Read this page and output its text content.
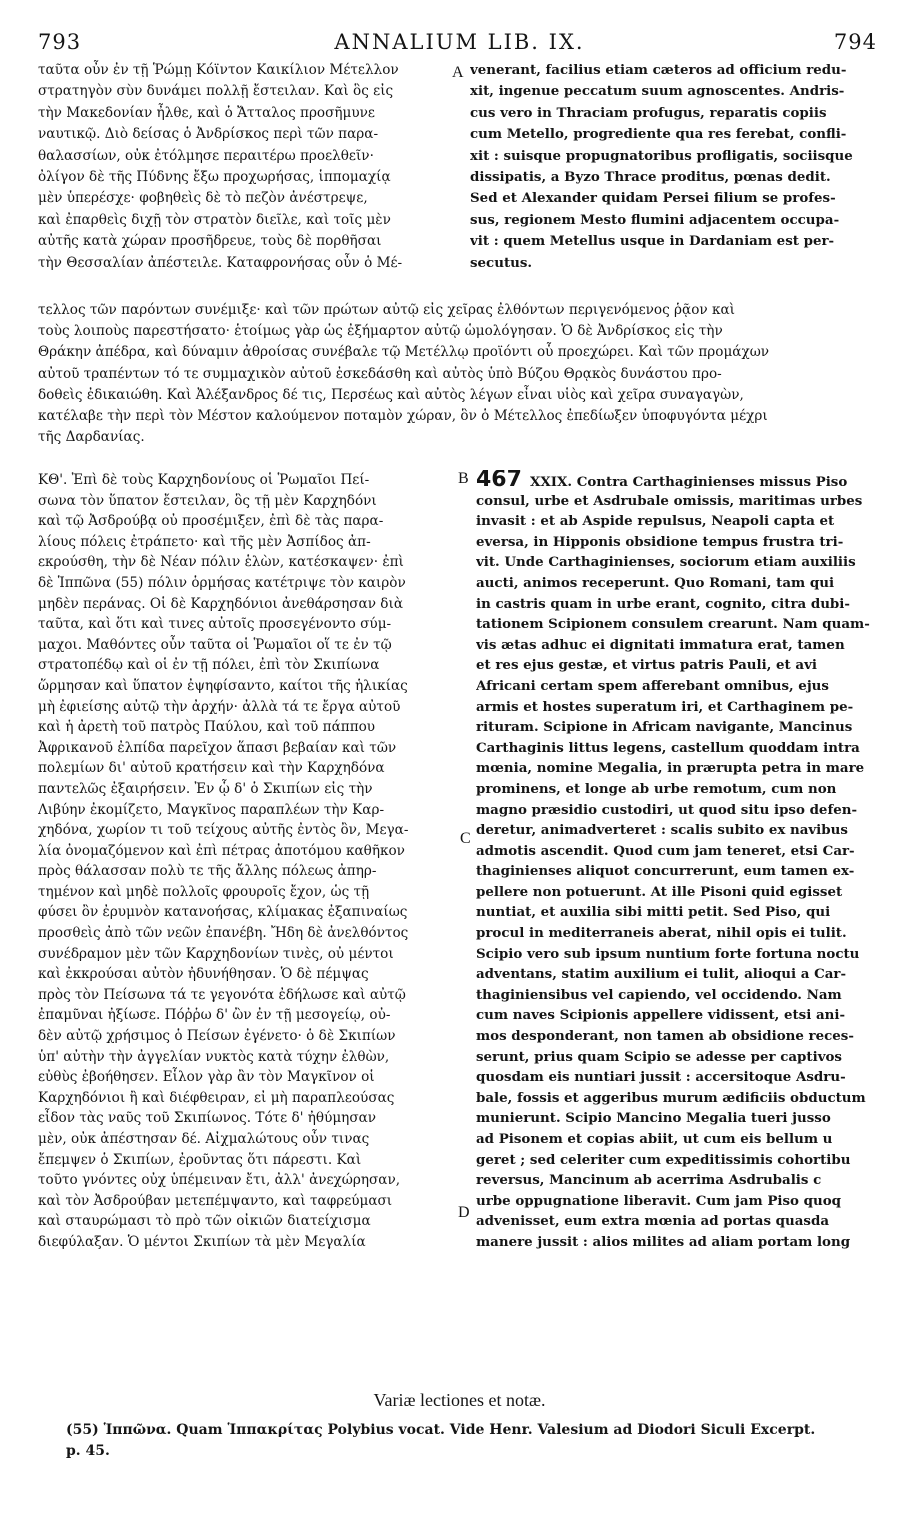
793	ANNALIUM LIB. IX.	794
A
B
C
D
ταῦτα οὖν ἐν τῇ Ῥώμῃ Κόϊντον Καικίλιον Μέτελλον
στρατηγὸν σὺν δυνάμει πολλῇ ἔστειλαν. Καὶ ὃς εἰς
τὴν Μακεδονίαν ἦλθε, καὶ ὁ Ἄτταλος προσῆμυνε
ναυτικῷ. Διὸ δείσας ὁ Ἀνδρίσκος περὶ τῶν παρα-
θαλασσίων, οὐκ ἐτόλμησε περαιτέρω προελθεῖν·
ὀλίγον δὲ τῆς Πύδνης ἔξω προχωρήσας, ἱππομαχίᾳ
μὲν ὑπερέσχε· φοβηθεὶς δὲ τὸ πεζὸν ἀνέστρεψε,
καὶ ἐπαρθεὶς διχῇ τὸν στρατὸν διεῖλε, καὶ τοῖς μὲν
αὐτῆς κατὰ χώραν προσῆδρευε, τοὺς δὲ πορθῆσαι
τὴν Θεσσαλίαν ἀπέστειλε. Καταφρονήσας οὖν ὁ Μέ-
venerant, facilius etiam cæteros ad officium redu-
xit, ingenue peccatum suum agnoscentes. Andris-
cus vero in Thraciam profugus, reparatis copiis
cum Metello, progrediente qua res ferebat, confli-
xit : suisque propugnatoribus profligatis, sociisque
dissipatis, a Byzo Thrace proditus, pœnas dedit.
Sed et Alexander quidam Persei filium se profes-
sus, regionem Mesto flumini adjacentem occupa-
vit : quem Metellus usque in Dardaniam est per-
secutus.
τελλος τῶν παρόντων συνέμιξε· καὶ τῶν πρώτων αὐτῷ εἰς χεῖρας ἐλθόντων περιγενόμενος ῥᾷον καὶ
τοὺς λοιποὺς παρεστήσατο· ἑτοίμως γὰρ ὡς ἐξήμαρτον αὐτῷ ὡμολόγησαν. Ὁ δὲ Ἀνδρίσκος εἰς τὴν
Θράκην ἀπέδρα, καὶ δύναμιν ἀθροίσας συνέβαλε τῷ Μετέλλῳ προϊόντι οὗ προεχώρει. Καὶ τῶν προμάχων
αὐτοῦ τραπέντων τό τε συμμαχικὸν αὐτοῦ ἐσκεδάσθη καὶ αὐτὸς ὑπὸ Βύζου Θρᾳκὸς δυνάστου προ-
δοθεὶς ἐδικαιώθη. Καὶ Ἀλέξανδρος δέ τις, Περσέως καὶ αὐτὸς λέγων εἶναι υἱὸς καὶ χεῖρα συναγαγὼν,
κατέλαβε τὴν περὶ τὸν Μέστον καλούμενον ποταμὸν χώραν, ὃν ὁ Μέτελλος ἐπεδίωξεν ὑποφυγόντα μέχρι
τῆς Δαρδανίας.
ΚΘ'. Ἐπὶ δὲ τοὺς Καρχηδονίους οἱ Ῥωμαῖοι Πεί-
σωνα τὸν ὕπατον ἔστειλαν, ὃς τῇ μὲν Καρχηδόνι
καὶ τῷ Ἀσδρούβᾳ οὐ προσέμιξεν, ἐπὶ δὲ τὰς παρα-
λίους πόλεις ἐτράπετο· καὶ τῆς μὲν Ἀσπίδος ἀπ-
εκρούσθη, τὴν δὲ Νέαν πόλιν ἑλὼν, κατέσκαψεν· ἐπὶ
δὲ Ἱππῶνα (55) πόλιν ὁρμήσας κατέτριψε τὸν καιρὸν
μηδὲν περάνας. Οἱ δὲ Καρχηδόνιοι ἀνεθάρσησαν διὰ
ταῦτα, καὶ ὅτι καὶ τινες αὐτοῖς προσεγένοντο σύμ-
μαχοι. Μαθόντες οὖν ταῦτα οἱ Ῥωμαῖοι οἵ τε ἐν τῷ
στρατοπέδῳ καὶ οἱ ἐν τῇ πόλει, ἐπὶ τὸν Σκιπίωνα
ὥρμησαν καὶ ὕπατον ἐψηφίσαντο, καίτοι τῆς ἡλικίας
μὴ ἐφιείσης αὐτῷ τὴν ἀρχήν· ἀλλὰ τά τε ἔργα αὐτοῦ
καὶ ἡ ἀρετὴ τοῦ πατρὸς Παύλου, καὶ τοῦ πάππου
Ἀφρικανοῦ ἐλπίδα παρεῖχον ἅπασι βεβαίαν καὶ τῶν
πολεμίων δι' αὐτοῦ κρατήσειν καὶ τὴν Καρχηδόνα
παντελῶς ἐξαιρήσειν. Ἐν ᾧ δ' ὁ Σκιπίων εἰς τὴν
Λιβύην ἐκομίζετο, Μαγκῖνος παραπλέων τὴν Καρ-
χηδόνα, χωρίον τι τοῦ τείχους αὐτῆς ἐντὸς ὂν, Μεγα-
λία ὀνομαζόμενον καὶ ἐπὶ πέτρας ἀποτόμου καθῆκον
πρὸς θάλασσαν πολὺ τε τῆς ἄλλης πόλεως ἀπηρ-
τημένον καὶ μηδὲ πολλοῖς φρουροῖς ἔχον, ὡς τῇ
φύσει ὂν ἐρυμνὸν κατανοήσας, κλίμακας ἐξαπιναίως
προσθεὶς ἀπὸ τῶν νεῶν ἐπανέβη. Ἤδη δὲ ἀνελθόντος
συνέδραμον μὲν τῶν Καρχηδονίων τινὲς, οὐ μέντοι
καὶ ἐκκρούσαι αὐτὸν ἠδυνήθησαν. Ὁ δὲ πέμψας
πρὸς τὸν Πείσωνα τά τε γεγονότα ἐδήλωσε καὶ αὐτῷ
ἐπαμῦναι ἠξίωσε. Πόῤῥω δ' ὢν ἐν τῇ μεσογείῳ, οὐ-
δὲν αὐτῷ χρήσιμος ὁ Πείσων ἐγένετο· ὁ δὲ Σκιπίων
ὑπ' αὐτὴν τὴν ἀγγελίαν νυκτὸς κατὰ τύχην ἐλθὼν,
εὐθὺς ἐβοήθησεν. Εἷλον γὰρ ἂν τὸν Μαγκῖνον οἱ
Καρχηδόνιοι ἢ καὶ διέφθειραν, εἰ μὴ παραπλεούσας
εἶδον τὰς ναῦς τοῦ Σκιπίωνος. Τότε δ' ἠθύμησαν
μὲν, οὐκ ἀπέστησαν δέ. Αἰχμαλώτους οὖν τινας
ἔπεμψεν ὁ Σκιπίων, ἐροῦντας ὅτι πάρεστι. Καὶ
τοῦτο γνόντες οὐχ ὑπέμειναν ἔτι, ἀλλ' ἀνεχώρησαν,
καὶ τὸν Ἀσδρούβαν μετεπέμψαντο, καὶ ταφρεύμασι
καὶ σταυρώμασι τὸ πρὸ τῶν οἰκιῶν διατείχισμα
διεφύλαξαν. Ὁ μέντοι Σκιπίων τὰ μὲν Μεγαλία
467 XXIX. Contra Carthaginienses missus Piso
consul, urbe et Asdrubale omissis, maritimas urbes
invasit : et ab Aspide repulsus, Neapoli capta et
eversa, in Hipponis obsidione tempus frustra tri-
vit. Unde Carthaginienses, sociorum etiam auxiliis
aucti, animos receperunt. Quo Romani, tam qui
in castris quam in urbe erant, cognito, citra dubi-
tationem Scipionem consulem crearunt. Nam quam-
vis ætas adhuc ei dignitati immatura erat, tamen
et res ejus gestæ, et virtus patris Pauli, et avi
Africani certam spem afferebant omnibus, ejus
armis et hostes superatum iri, et Carthaginem pe-
rituram. Scipione in Africam navigante, Mancinus
Carthaginis littus legens, castellum quoddam intra
mœnia, nomine Megalia, in prærupta petra in mare
prominens, et longe ab urbe remotum, cum non
magno præsidio custodiri, ut quod situ ipso defen-
deretur, animadverteret : scalis subito ex navibus
admotis ascendit. Quod cum jam teneret, etsi Car-
thaginienses aliquot concurrerunt, eum tamen ex-
pellere non potuerunt. At ille Pisoni quid egisset
nuntiat, et auxilia sibi mitti petit. Sed Piso, qui
procul in mediterraneis aberat, nihil opis ei tulit.
Scipio vero sub ipsum nuntium forte fortuna noctu
adventans, statim auxilium ei tulit, alioqui a Car-
thaginiensibus vel capiendo, vel occidendo. Nam
cum naves Scipionis appellere vidissent, etsi ani-
mos desponderant, non tamen ab obsidione reces-
serunt, prius quam Scipio se adesse per captivos
quosdam eis nuntiari jussit : accersitoque Asdru-
bale, fossis et aggeribus murum ædificiis obductum
munierunt. Scipio Mancino Megalia tueri jusso
ad Pisonem et copias abiit, ut cum eis bellum u
geret ; sed celeriter cum expeditissimis cohortibu
reversus, Mancinum ab acerrima Asdrubalis c
urbe oppugnatione liberavit. Cum jam Piso quoq
advenisset, eum extra mœnia ad portas quasda
manere jussit : alios milites ad aliam portam long
Variæ lectiones et notæ.
(55) Ἱππῶνα. Quam Ἱππακρίτας Polybius vocat. Vide Henr. Valesium ad Diodori Siculi Excerpt.
p. 45.
